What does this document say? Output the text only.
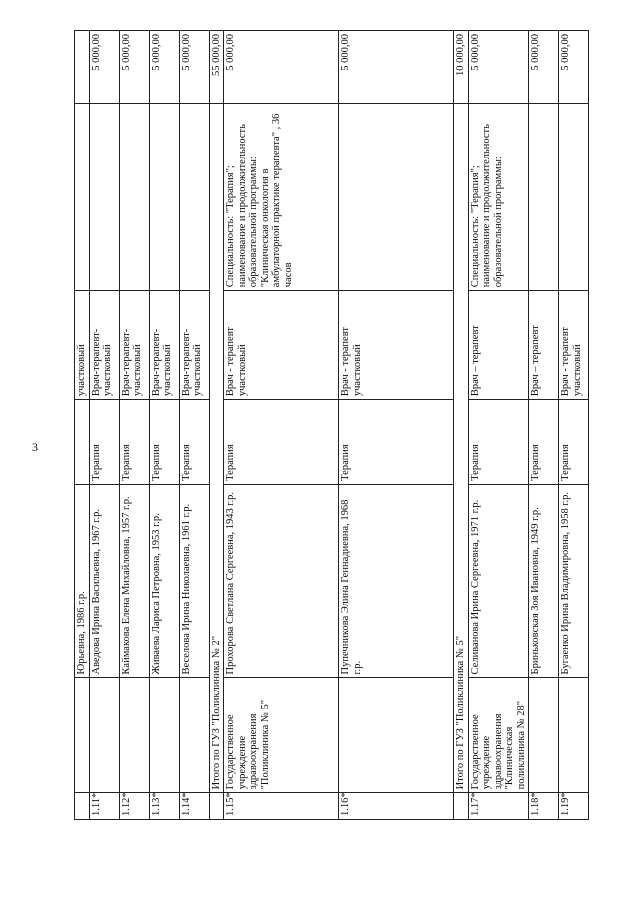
3
		Юрьевна, 1986 г.р.		участковый		
1.11*		Аведова Ирина Васильевна, 1967 г.р.	Терапия	Врач-терапевт-участковый		5 000,00
1.12*		Каймакова Елена Михайловна, 1957 г.р.	Терапия	Врач-терапевт-участковый		5 000,00
1.13*		Живаева Лариса Петровна, 1953 г.р.	Терапия	Врач-терапевт-участковый		5 000,00
1.14*		Веселова Ирина Николаевна, 1961 г.р.	Терапия	Врач-терапевт-участковый		5 000,00
	Итого по ГУЗ "Поликлиника № 2"					55 000,00
1.15*	Государственное учреждение здравоохранения "Поликлиника № 5"	Прохорова Светлана Сергеевна, 1943 г.р.	Терапия	Врач - терапевт участковый	Специальность: "Терапия"; наименование и продолжительность образовательной программы: "Клиническая онкология в амбулаторной практике терапевта" , 36 часов	5 000,00
1.16*		Пупечникова Элина Геннадиевна, 1968 г.р.	Терапия	Врач - терапевт участковый		5 000,00
	Итого по ГУЗ "Поликлиника № 5"					10 000,00
1.17*	Государственное учреждение здравоохранения "Клиническая поликлиника № 28"	Селиванова Ирина Сергеевна, 1971 г.р.	Терапия	Врач – терапевт	Специальность: "Терапия"; наименование и продолжительность образовательной программы:	5 000,00
1.18*		Бриньковская Зоя Ивановна, 1949 г.р.	Терапия	Врач – терапевт		5 000,00
1.19*		Бугаенко Ирина Владимировна, 1958 г.р.	Терапия	Врач - терапевт участковый		5 000,00
